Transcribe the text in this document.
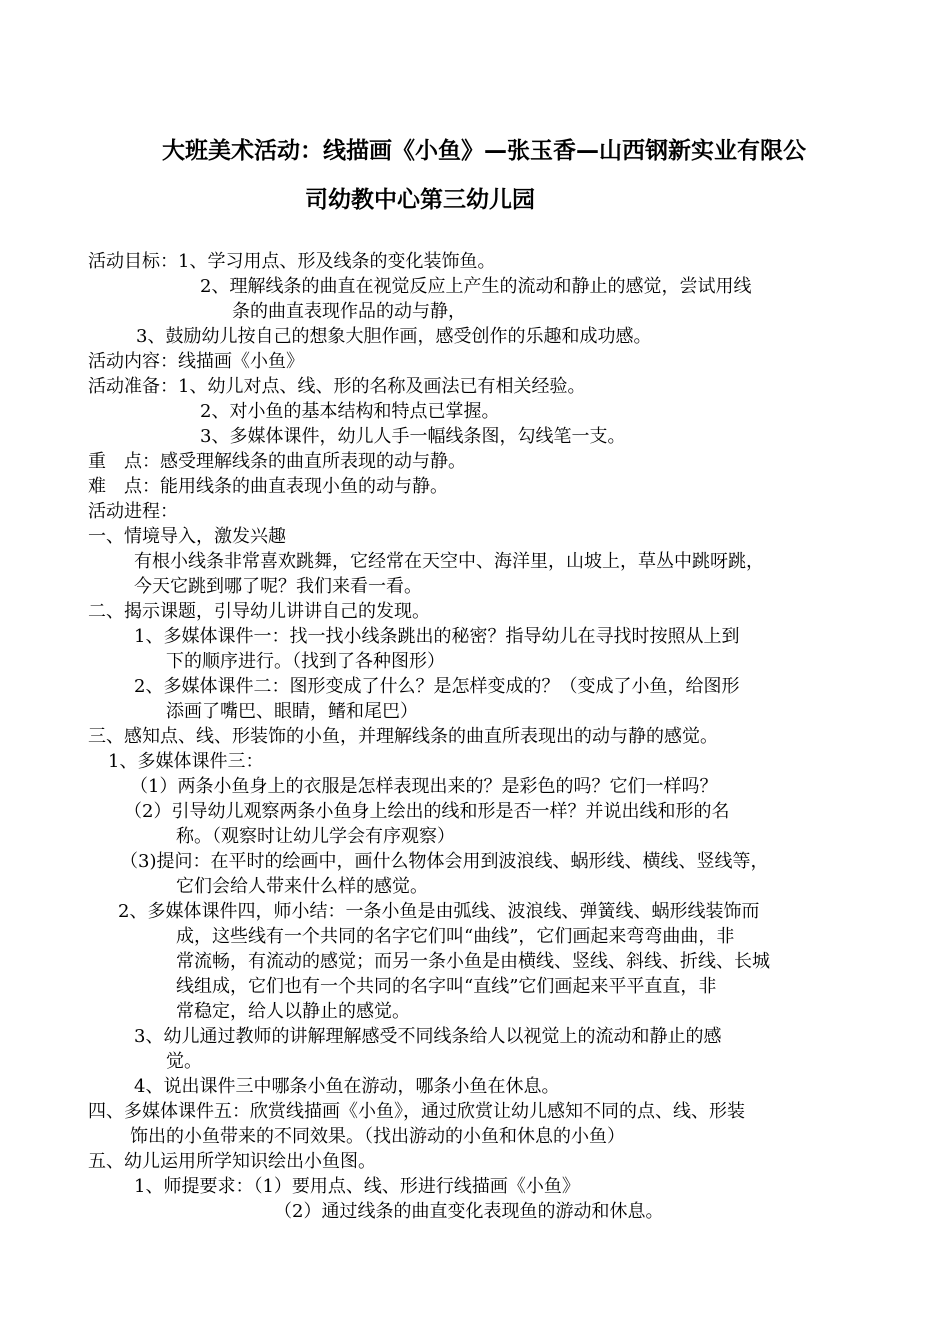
大班美术活动：线描画《小鱼》—张玉香—山西钢新实业有限公
司幼教中心第三幼儿园
活动目标：1、学习用点、形及线条的变化装饰鱼。
2、理解线条的曲直在视觉反应上产生的流动和静止的感觉，尝试用线
条的曲直表现作品的动与静，
3、鼓励幼儿按自己的想象大胆作画，感受创作的乐趣和成功感。
活动内容：线描画《小鱼》
活动准备：1、幼儿对点、线、形的名称及画法已有相关经验。
2、对小鱼的基本结构和特点已掌握。
3、多媒体课件，幼儿人手一幅线条图，勾线笔一支。
重　点：感受理解线条的曲直所表现的动与静。
难　点：能用线条的曲直表现小鱼的动与静。
活动进程：
一、情境导入，激发兴趣
有根小线条非常喜欢跳舞，它经常在天空中、海洋里，山坡上，草丛中跳呀跳，
今天它跳到哪了呢？我们来看一看。
二、揭示课题，引导幼儿讲讲自己的发现。
1、多媒体课件一：找一找小线条跳出的秘密？指导幼儿在寻找时按照从上到
下的顺序进行。（找到了各种图形）
2、多媒体课件二：图形变成了什么？是怎样变成的？（变成了小鱼，给图形
添画了嘴巴、眼睛，鳍和尾巴）
三、感知点、线、形装饰的小鱼，并理解线条的曲直所表现出的动与静的感觉。
1、多媒体课件三：
（1）两条小鱼身上的衣服是怎样表现出来的？是彩色的吗？它们一样吗？
（2）引导幼儿观察两条小鱼身上绘出的线和形是否一样？并说出线和形的名
称。（观察时让幼儿学会有序观察）
（3)提问：在平时的绘画中，画什么物体会用到波浪线、蜗形线、横线、竖线等，
它们会给人带来什么样的感觉。
2、多媒体课件四，师小结：一条小鱼是由弧线、波浪线、弹簧线、蜗形线装饰而
成，这些线有一个共同的名字它们叫“曲线”，它们画起来弯弯曲曲，非
常流畅，有流动的感觉；而另一条小鱼是由横线、竖线、斜线、折线、长城
线组成，它们也有一个共同的名字叫“直线”它们画起来平平直直，非
常稳定，给人以静止的感觉。
3、幼儿通过教师的讲解理解感受不同线条给人以视觉上的流动和静止的感
觉。
4、说出课件三中哪条小鱼在游动，哪条小鱼在休息。
四、多媒体课件五：欣赏线描画《小鱼》，通过欣赏让幼儿感知不同的点、线、形装
饰出的小鱼带来的不同效果。（找出游动的小鱼和休息的小鱼）
五、幼儿运用所学知识绘出小鱼图。
1、师提要求：（1）要用点、线、形进行线描画《小鱼》
（2）通过线条的曲直变化表现鱼的游动和休息。
